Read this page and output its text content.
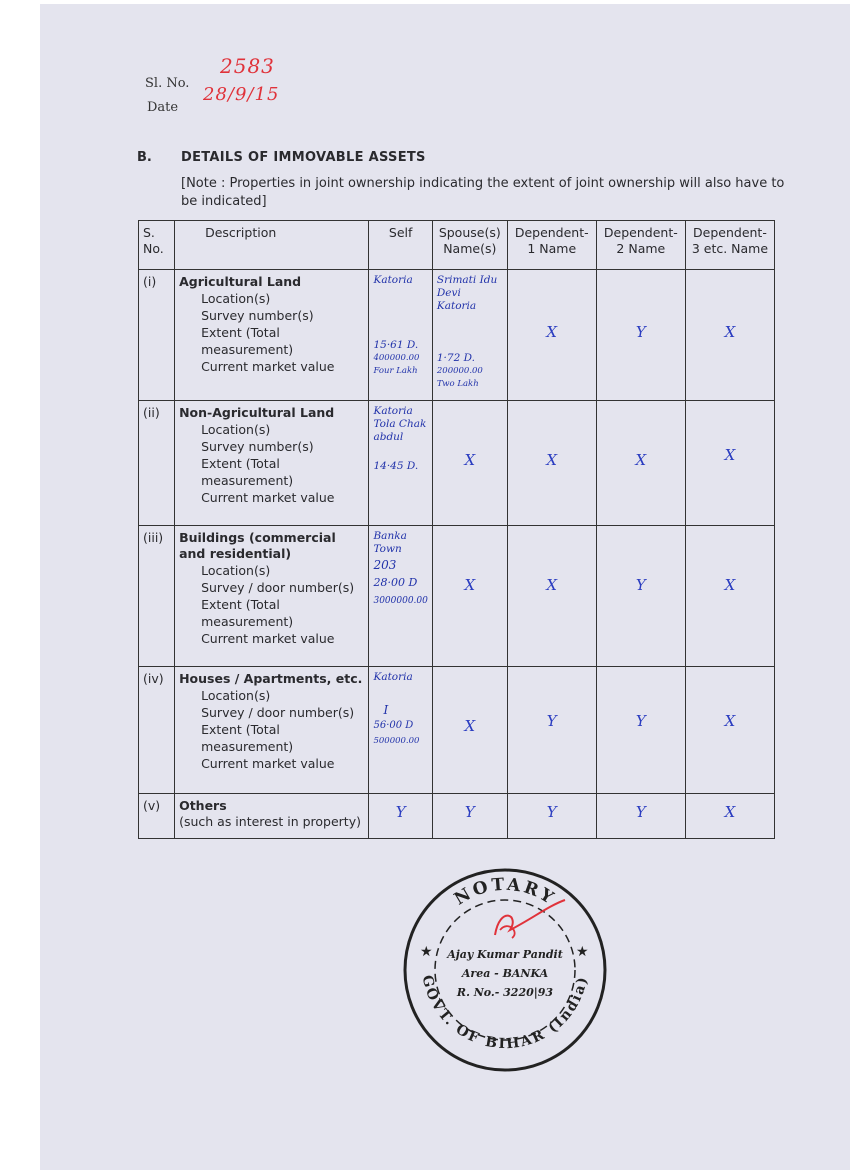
Sl. No.
2583
Date
28/9/15
B. DETAILS OF IMMOVABLE ASSETS
[Note : Properties in joint ownership indicating the extent of joint ownership will also have to be indicated]
S. No.	Description	Self	Spouse(s) Name(s)	Dependent-1 Name	Dependent-2 Name	Dependent-3 etc. Name
(i)	Agricultural Land
Location(s)
Survey number(s)
Extent (Total measurement)
Current market value	Katoria
15·61 D.
400000.00
Four Lakh	Srimati Idu Devi
Katoria
1·72 D.
200000.00
Two Lakh	X	Y	X

(ii)	Non-Agricultural Land
Location(s)
Survey number(s)
Extent (Total measurement)
Current market value	Katoria
Tola Chak
abdul
14·45 D.	X	X	X	X

(iii)	Buildings (commercial and residential)
Location(s)
Survey / door number(s)
Extent (Total measurement)
Current market value	Banka
Town
203
28·00 D
3000000.00	X	X	Y	X

(iv)	Houses / Apartments, etc.
Location(s)
Survey / door number(s)
Extent (Total measurement)
Current market value	Katoria
I
56·00 D
500000.00	X	Y	Y	X

(v)	Others
(such as interest in property)	Y	Y	Y	Y	X
NOTARY
GOVT. OF BIHAR (India)
Ajay Kumar Pandit
Area - BANKA
R. No.- 3220|93
★	★
